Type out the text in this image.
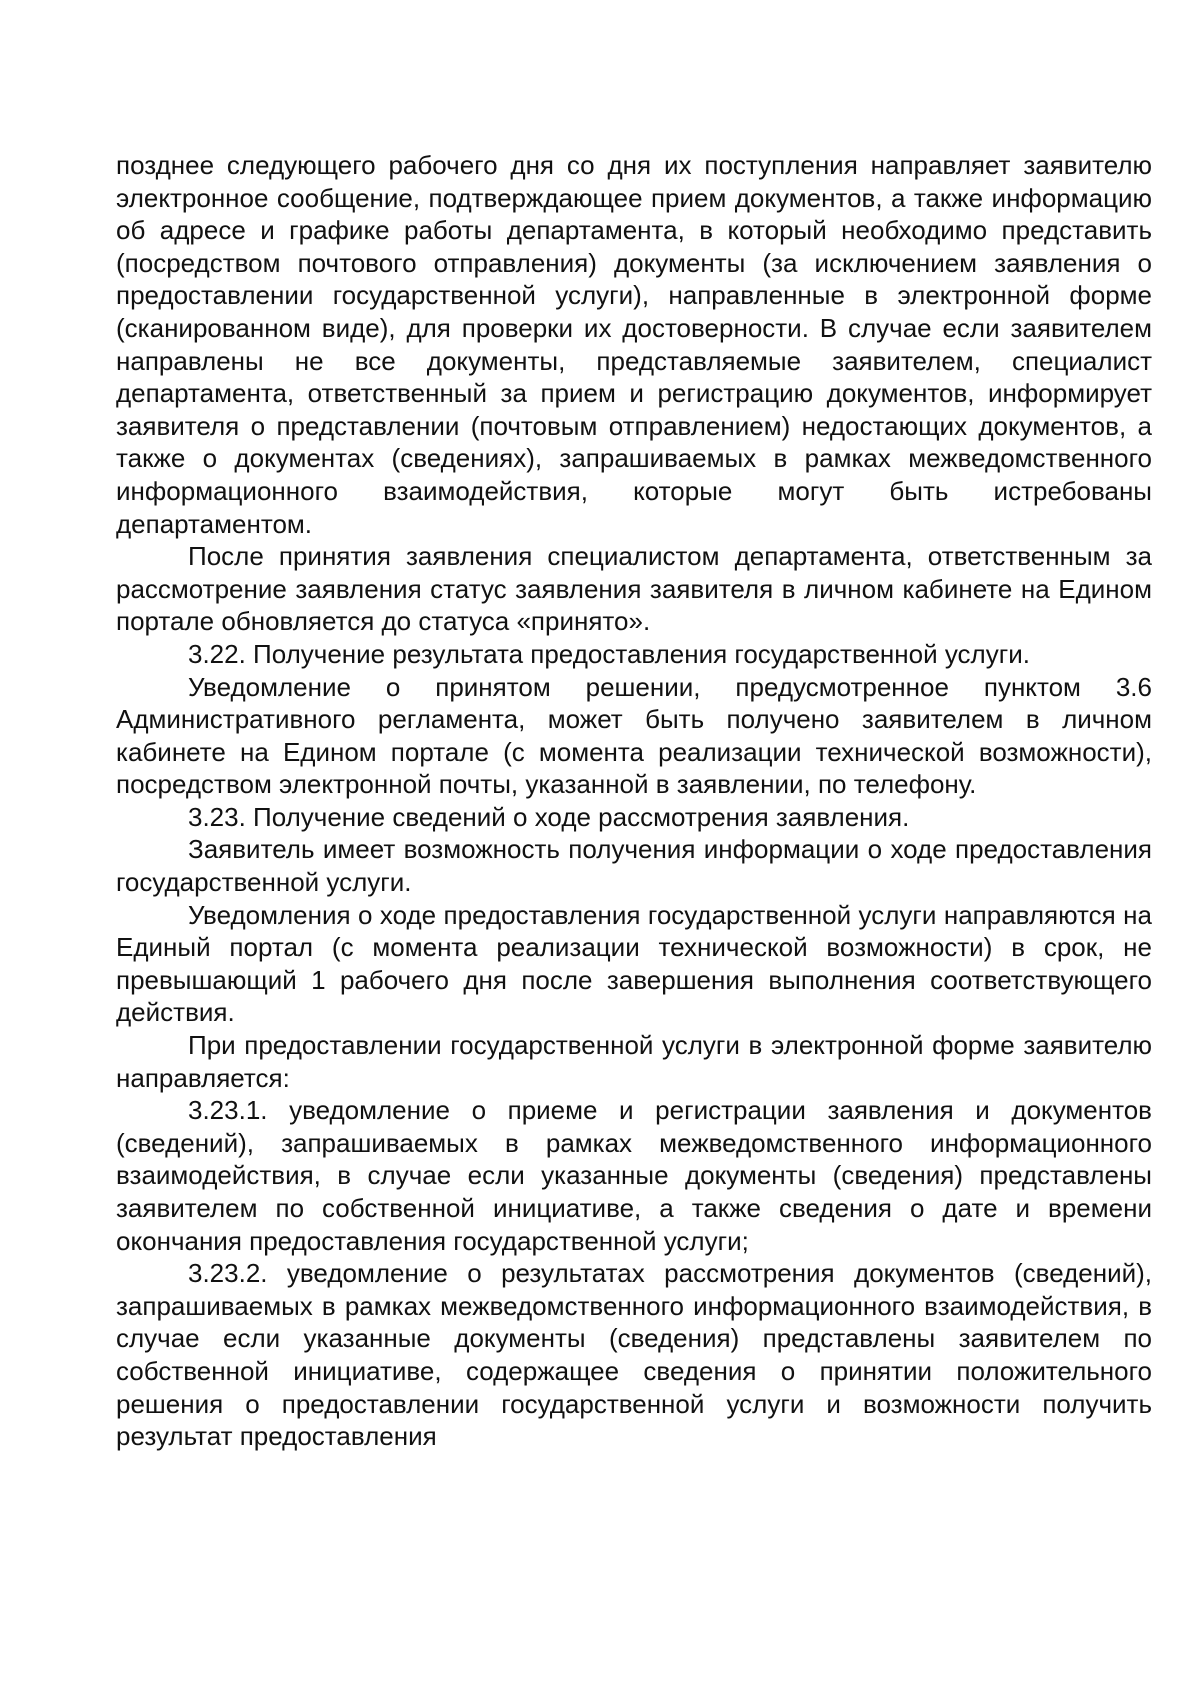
позднее следующего рабочего дня со дня их поступления направляет заявителю электронное сообщение, подтверждающее прием документов, а также информацию об адресе и графике работы департамента, в который необходимо представить (посредством почтового отправления) документы (за исключением заявления о предоставлении государственной услуги), направленные в электронной форме (сканированном виде), для проверки их достоверности. В случае если заявителем направлены не все документы, представляемые заявителем, специалист департамента, ответственный за прием и регистрацию документов, информирует заявителя о представлении (почтовым отправлением) недостающих документов, а также о документах (сведениях), запрашиваемых в рамках межведомственного информационного взаимодействия, которые могут быть истребованы департаментом.

После принятия заявления специалистом департамента, ответственным за рассмотрение заявления статус заявления заявителя в личном кабинете на Едином портале обновляется до статуса «принято».

3.22. Получение результата предоставления государственной услуги.

Уведомление о принятом решении, предусмотренное пунктом 3.6 Административного регламента, может быть получено заявителем в личном кабинете на Едином портале (с момента реализации технической возможности), посредством электронной почты, указанной в заявлении, по телефону.

3.23. Получение сведений о ходе рассмотрения заявления.

Заявитель имеет возможность получения информации о ходе предоставления государственной услуги.

Уведомления о ходе предоставления государственной услуги направляются на Единый портал (с момента реализации технической возможности) в срок, не превышающий 1 рабочего дня после завершения выполнения соответствующего действия.

При предоставлении государственной услуги в электронной форме заявителю направляется:

3.23.1. уведомление о приеме и регистрации заявления и документов (сведений), запрашиваемых в рамках межведомственного информационного взаимодействия, в случае если указанные документы (сведения) представлены заявителем по собственной инициативе, а также сведения о дате и времени окончания предоставления государственной услуги;

3.23.2. уведомление о результатах рассмотрения документов (сведений), запрашиваемых в рамках межведомственного информационного взаимодействия, в случае если указанные документы (сведения) представлены заявителем по собственной инициативе, содержащее сведения о принятии положительного решения о предоставлении государственной услуги и возможности получить результат предоставления
